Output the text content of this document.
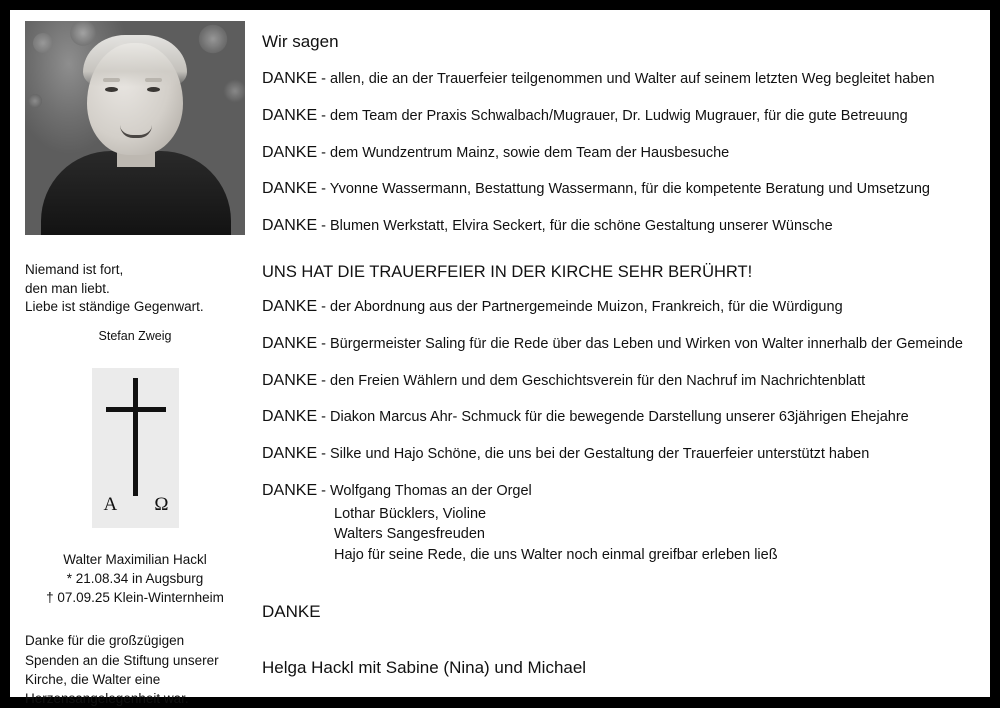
Niemand ist fort,
den man liebt.
Liebe ist ständige Gegenwart.
Stefan Zweig
A Ω
Walter Maximilian Hackl
* 21.08.34 in Augsburg
† 07.09.25 Klein-Winternheim
Danke für die großzügigen
Spenden an die Stiftung unserer
Kirche, die Walter eine
Herzensangelegenheit war.
Wir sagen
DANKE - allen, die an der Trauerfeier teilgenommen und Walter auf seinem letzten Weg begleitet haben
DANKE - dem Team der Praxis Schwalbach/Mugrauer, Dr. Ludwig Mugrauer, für die gute Betreuung
DANKE - dem Wundzentrum Mainz, sowie dem Team der Hausbesuche
DANKE - Yvonne Wassermann, Bestattung Wassermann, für die kompetente Beratung und Umsetzung
DANKE - Blumen Werkstatt, Elvira Seckert, für die schöne Gestaltung unserer Wünsche
UNS HAT DIE TRAUERFEIER IN DER KIRCHE SEHR BERÜHRT!
DANKE - der Abordnung aus der Partnergemeinde Muizon, Frankreich, für die Würdigung
DANKE - Bürgermeister Saling für die Rede über das Leben und Wirken von Walter innerhalb der Gemeinde
DANKE - den Freien Wählern und dem Geschichtsverein für den Nachruf im Nachrichtenblatt
DANKE - Diakon Marcus Ahr- Schmuck für die bewegende Darstellung unserer 63jährigen Ehejahre
DANKE - Silke und Hajo Schöne, die uns bei der Gestaltung der Trauerfeier unterstützt haben
DANKE - Wolfgang Thomas an der Orgel
Lothar Bücklers, Violine
Walters Sangesfreuden
Hajo für seine Rede, die uns Walter noch einmal greifbar erleben ließ
DANKE
Helga Hackl mit Sabine (Nina) und Michael
